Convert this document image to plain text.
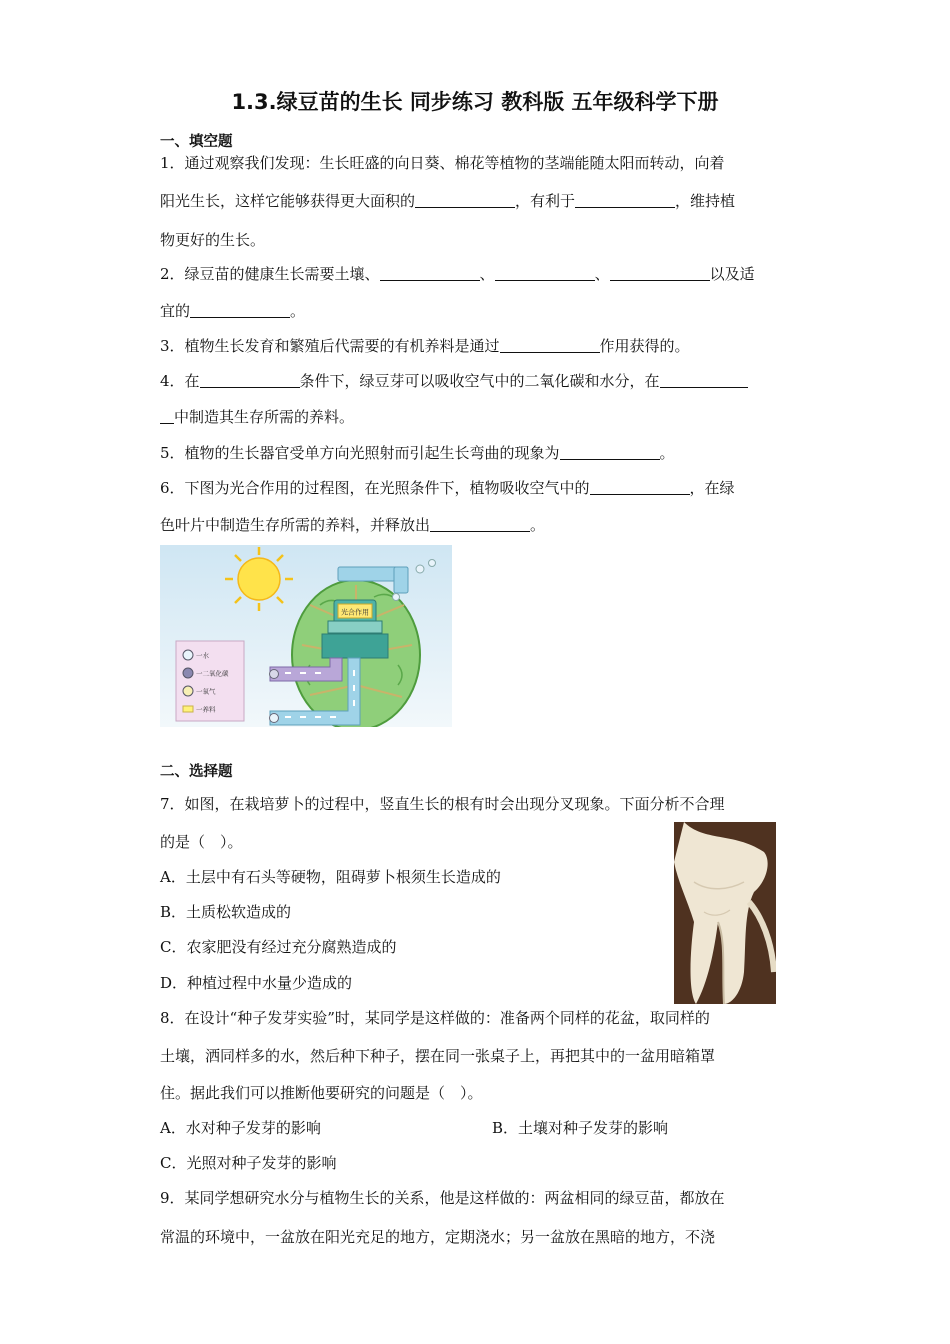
1.3.绿豆苗的生长 同步练习 教科版 五年级科学下册
一、填空题
1．通过观察我们发现：生长旺盛的向日葵、棉花等植物的茎端能随太阳而转动，向着
阳光生长，这样它能够获得更大面积的	，有利于	，维持植
物更好的生长。
2．绿豆苗的健康生长需要土壤、	、	、	以及适
宜的	。
3．植物生长发育和繁殖后代需要的有机养料是通过	作用获得的。
4．在	条件下，绿豆芽可以吸收空气中的二氧化碳和水分，在
中制造其生存所需的养料。
5．植物的生长器官受单方向光照射而引起生长弯曲的现象为	。
6．下图为光合作用的过程图，在光照条件下，植物吸收空气中的	，在绿
色叶片中制造生存所需的养料，并释放出	。
光合作用
一水
一二氧化碳
一氧气
一养料
二、选择题
7．如图，在栽培萝卜的过程中，竖直生长的根有时会出现分叉现象。下面分析不合理
的是（　）。
A．土层中有石头等硬物，阻碍萝卜根须生长造成的
B．土质松软造成的
C．农家肥没有经过充分腐熟造成的
D．种植过程中水量少造成的
8．在设计“种子发芽实验”时，某同学是这样做的：准备两个同样的花盆，取同样的
土壤，洒同样多的水，然后种下种子，摆在同一张桌子上，再把其中的一盆用暗箱罩
住。据此我们可以推断他要研究的问题是（　）。
A．水对种子发芽的影响	B．土壤对种子发芽的影响
C．光照对种子发芽的影响
9．某同学想研究水分与植物生长的关系，他是这样做的：两盆相同的绿豆苗，都放在
常温的环境中，一盆放在阳光充足的地方，定期浇水；另一盆放在黑暗的地方，不浇
